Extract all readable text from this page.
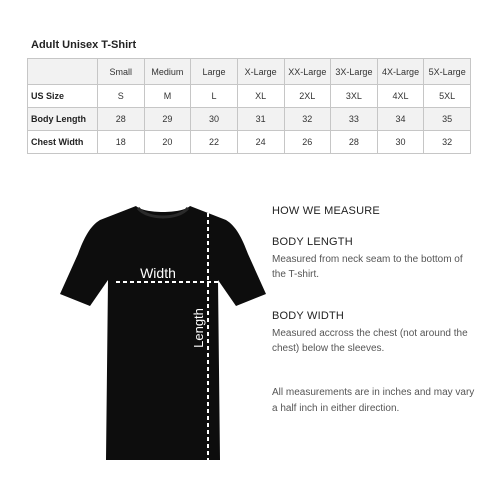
Adult Unisex T-Shirt
	Small	Medium	Large	X-Large	XX-Large	3X-Large	4X-Large	5X-Large
US Size	S	M	L	XL	2XL	3XL	4XL	5XL
Body Length	28	29	30	31	32	33	34	35
Chest Width	18	20	22	24	26	28	30	32
Width
Length
HOW WE MEASURE
BODY LENGTH
Measured from neck seam to the bottom of the T-shirt.
BODY WIDTH
Measured accross the chest (not around the chest) below the sleeves.
All measurements are in inches and may vary a half inch in either direction.
